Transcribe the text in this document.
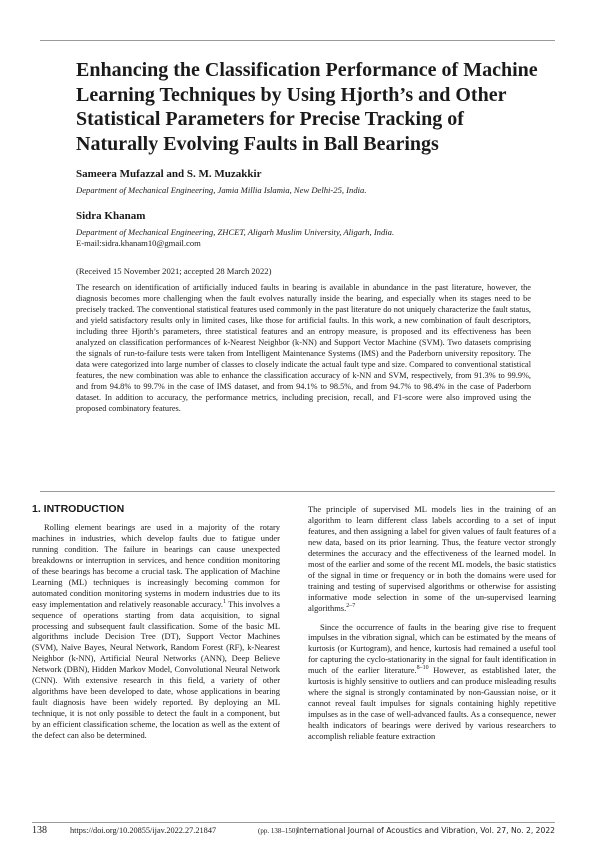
Enhancing the Classification Performance of Machine Learning Techniques by Using Hjorth’s and Other Statistical Parameters for Precise Tracking of Naturally Evolving Faults in Ball Bearings
Sameera Mufazzal and S. M. Muzakkir
Department of Mechanical Engineering, Jamia Millia Islamia, New Delhi-25, India.
Sidra Khanam
Department of Mechanical Engineering, ZHCET, Aligarh Muslim University, Aligarh, India.
E-mail:sidra.khanam10@gmail.com
(Received 15 November 2021; accepted 28 March 2022)
The research on identification of artificially induced faults in bearing is available in abundance in the past literature, however, the diagnosis becomes more challenging when the fault evolves naturally inside the bearing, and especially when its stages need to be precisely tracked. The conventional statistical features used commonly in the past literature do not uniquely characterize the fault status, and yield satisfactory results only in limited cases, like those for artificial faults. In this work, a new combination of fault descriptors, including three Hjorth’s parameters, three statistical features and an entropy measure, is proposed and its effectiveness has been analyzed on classification performances of k-Nearest Neighbor (k-NN) and Support Vector Machine (SVM). Two datasets comprising the signals of run-to-failure tests were taken from Intelligent Maintenance Systems (IMS) and the Paderborn university repository. The data were categorized into large number of classes to closely indicate the actual fault type and size. Compared to conventional statistical features, the new combination was able to enhance the classification accuracy of k-NN and SVM, respectively, from 91.3% to 99.9%, and from 94.8% to 99.7% in the case of IMS dataset, and from 94.1% to 98.5%, and from 94.7% to 98.4% in the case of Paderborn dataset. In addition to accuracy, the performance metrics, including precision, recall, and F1-score were also improved using the proposed combinatory features.
1. INTRODUCTION

Rolling element bearings are used in a majority of the rotary machines in industries, which develop faults due to fatigue under running condition. The failure in bearings can cause unexpected breakdowns or interruption in services, and hence condition monitoring of these bearings has become a crucial task. The application of Machine Learning (ML) techniques is increasingly becoming common for automated condition monitoring systems in modern industries due to its easy implementation and relatively reasonable accuracy.$^1$ This involves a sequence of operations starting from data acquisition, to signal processing and subsequent fault classification. Some of the basic ML algorithms include Decision Tree (DT), Support Vector Machines (SVM), Naïve Bayes, Neural Network, Random Forest (RF), k-Nearest Neighbor (k-NN), Artificial Neural Networks (ANN), Deep Believe Network (DBN), Hidden Markov Model, Convolutional Neural Network (CNN). With extensive research in this field, a variety of other algorithms have been developed to date, whose applications in bearing fault diagnosis have been widely reported. By deploying an ML technique, it is not only possible to detect the fault in a component, but by an efficient classification scheme, the location as well as the extent of the defect can also be determined.

The principle of supervised ML models lies in the training of an algorithm to learn different class labels according to a set of input features, and then assigning a label for given values of fault features of a new data, based on its prior learning. Thus, the feature vector strongly determines the accuracy and the effectiveness of the learned model. In most of the earlier and some of the recent ML models, the basic statistics of the signal in time or frequency or in both the domains were used for training and testing of supervised algorithms or otherwise for assisting informative mode selection in some of the un-supervised learning algorithms.$^{2-7}$

Since the occurrence of faults in the bearing give rise to frequent impulses in the vibration signal, which can be estimated by the means of kurtosis (or Kurtogram), and hence, kurtosis had remained a useful tool for capturing the cyclo-stationarity in the signal for fault identification in much of the earlier literature.$^{8-10}$ However, as established later, the kurtosis is highly sensitive to outliers and can produce misleading results where the signal is strongly contaminated by non-Gaussian noise, or it cannot reveal fault impulses for signals containing highly repetitive impulses as in the case of well-advanced faults. As a consequence, newer health indicators of bearings were derived by various researchers to accomplish reliable feature extraction

138	https://doi.org/10.20855/ijav.2022.27.21847	(pp. 138–150) International Journal of Acoustics and Vibration, Vol. 27, No. 2, 2022
